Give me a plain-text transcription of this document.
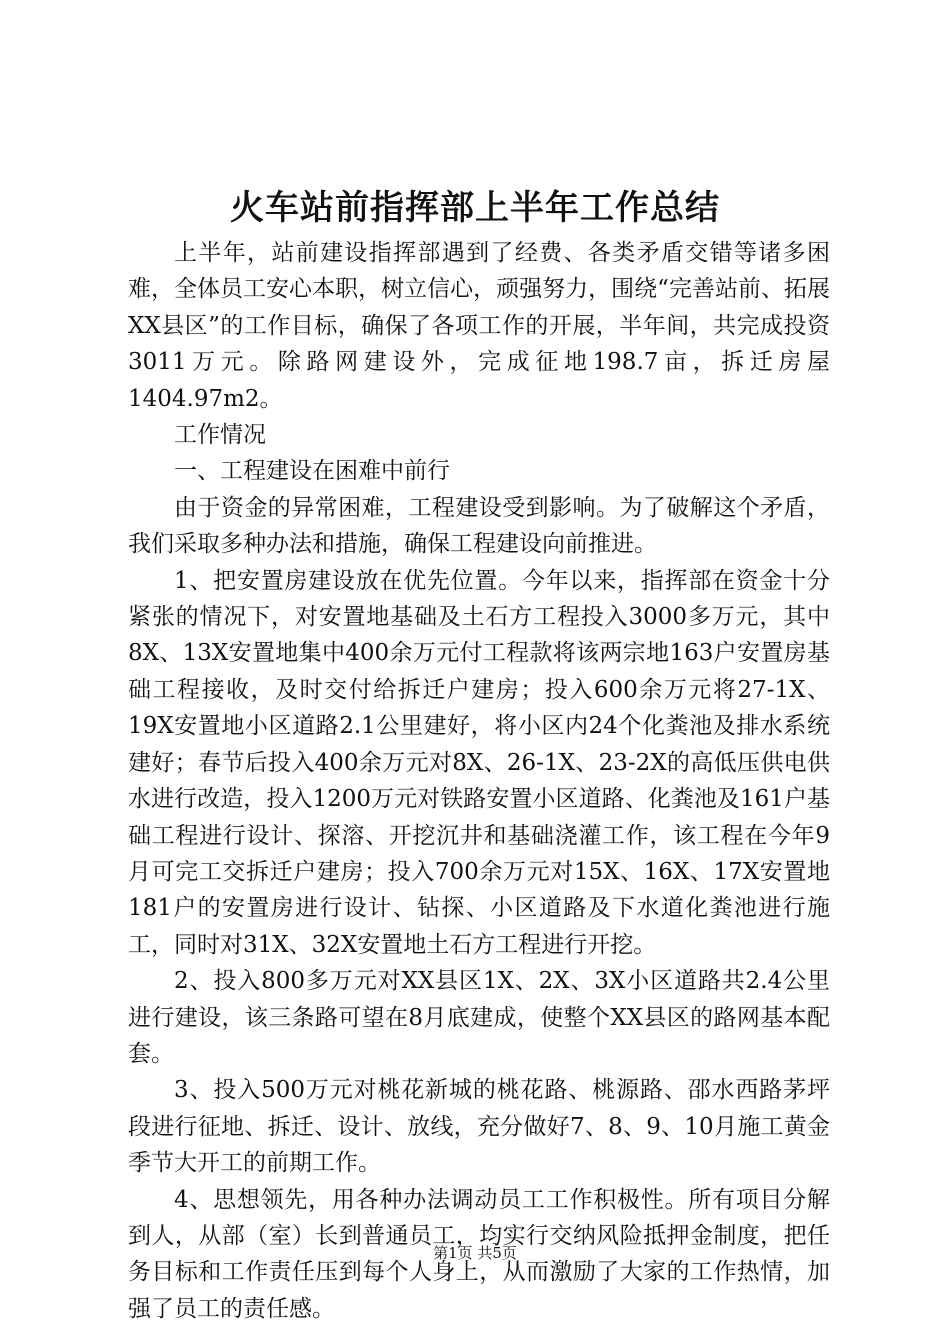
火车站前指挥部上半年工作总结

上半年，站前建设指挥部遇到了经费、各类矛盾交错等诸多困难，全体员工安心本职，树立信心，顽强努力，围绕“完善站前、拓展XX县区”的工作目标，确保了各项工作的开展，半年间，共完成投资3011万元。除路网建设外，完成征地198.7亩，拆迁房屋1404.97m2。

工作情况

一、工程建设在困难中前行

由于资金的异常困难，工程建设受到影响。为了破解这个矛盾，我们采取多种办法和措施，确保工程建设向前推进。

1、把安置房建设放在优先位置。今年以来，指挥部在资金十分紧张的情况下，对安置地基础及土石方工程投入3000多万元，其中8X、13X安置地集中400余万元付工程款将该两宗地163户安置房基础工程接收，及时交付给拆迁户建房；投入600余万元将27-1X、19X安置地小区道路2.1公里建好，将小区内24个化粪池及排水系统建好；春节后投入400余万元对8X、26-1X、23-2X的高低压供电供水进行改造，投入1200万元对铁路安置小区道路、化粪池及161户基础工程进行设计、探溶、开挖沉井和基础浇灌工作，该工程在今年9月可完工交拆迁户建房；投入700余万元对15X、16X、17X安置地181户的安置房进行设计、钻探、小区道路及下水道化粪池进行施工，同时对31X、32X安置地土石方工程进行开挖。

2、投入800多万元对XX县区1X、2X、3X小区道路共2.4公里进行建设，该三条路可望在8月底建成，使整个XX县区的路网基本配套。

3、投入500万元对桃花新城的桃花路、桃源路、邵水西路茅坪段进行征地、拆迁、设计、放线，充分做好7、8、9、10月施工黄金季节大开工的前期工作。

4、思想领先，用各种办法调动员工工作积极性。所有项目分解到人，从部（室）长到普通员工，均实行交纳风险抵押金制度，把任务目标和工作责任压到每个人身上，从而激励了大家的工作热情，加强了员工的责任感。

第1页 共5页
